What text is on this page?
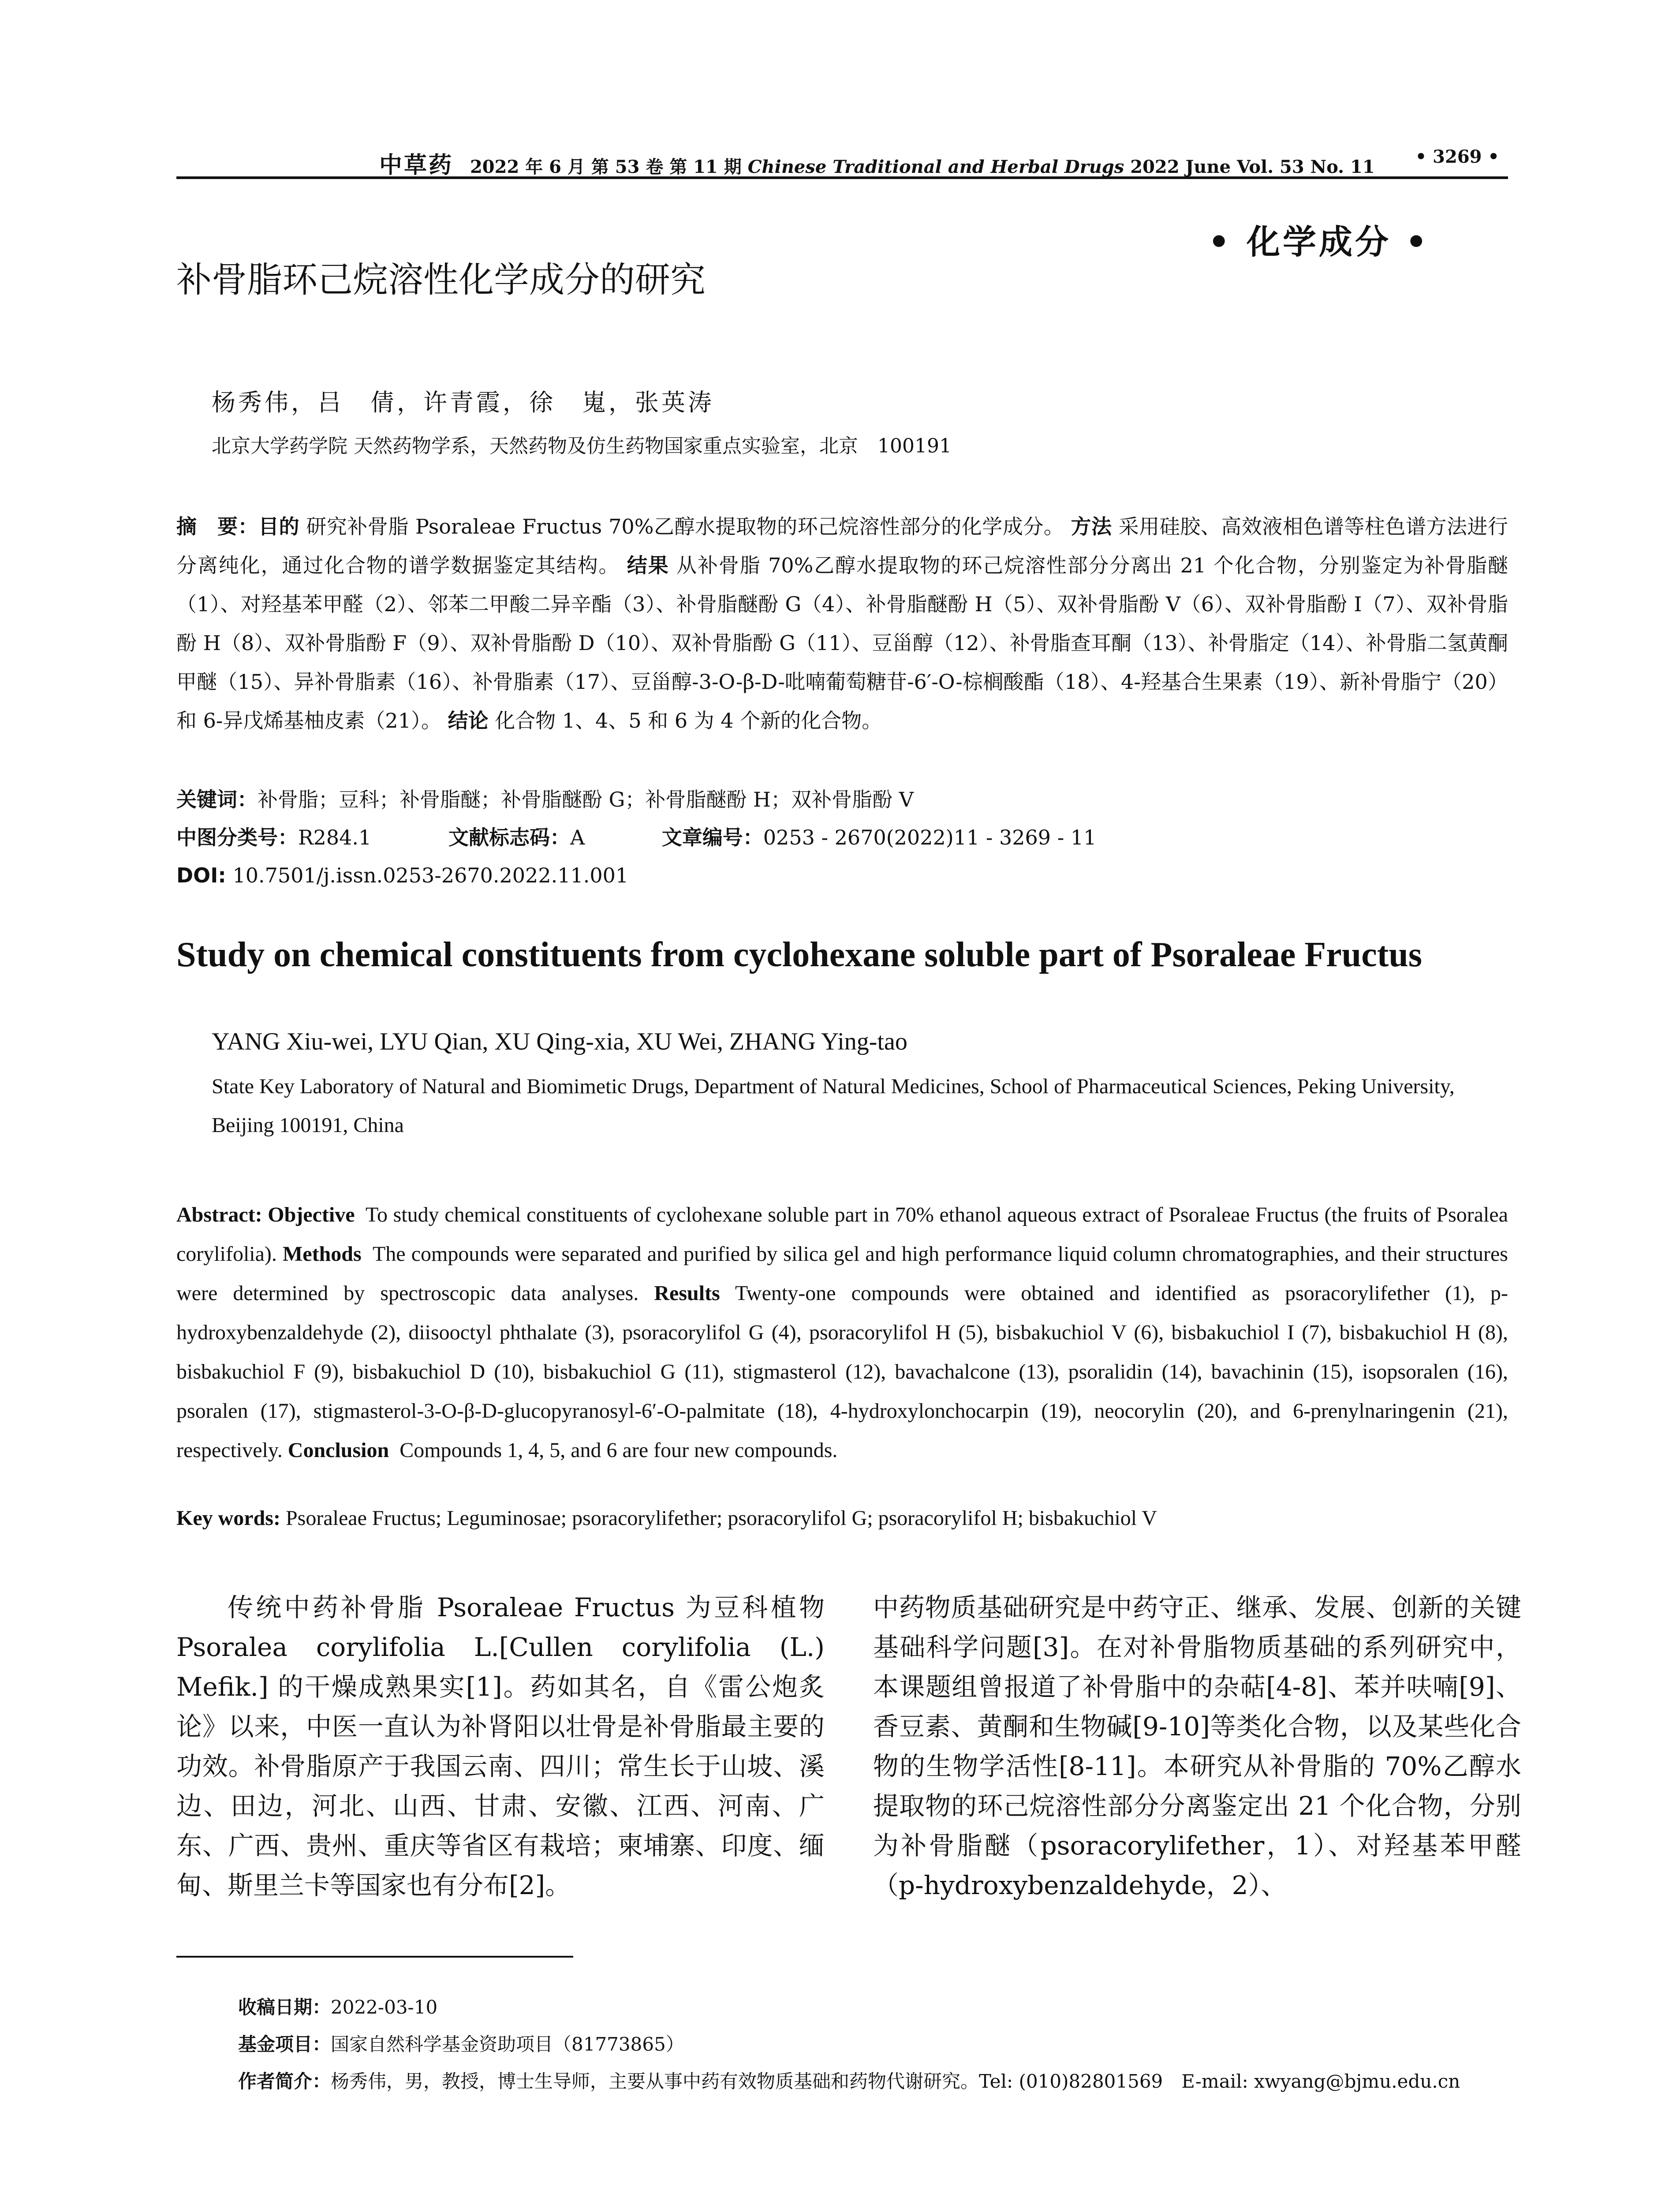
中草药 2022 年 6 月 第 53 卷 第 11 期 Chinese Traditional and Herbal Drugs 2022 June Vol. 53 No. 11 • 3269 •
• 化学成分 •
补骨脂环己烷溶性化学成分的研究
杨秀伟，吕　倩，许青霞，徐　嵬，张英涛
北京大学药学院 天然药物学系，天然药物及仿生药物国家重点实验室，北京　100191
摘　要：目的 研究补骨脂 Psoraleae Fructus 70%乙醇水提取物的环己烷溶性部分的化学成分。 方法 采用硅胶、高效液相色谱等柱色谱方法进行分离纯化，通过化合物的谱学数据鉴定其结构。 结果 从补骨脂 70%乙醇水提取物的环己烷溶性部分分离出 21 个化合物，分别鉴定为补骨脂醚（1）、对羟基苯甲醛（2）、邻苯二甲酸二异辛酯（3）、补骨脂醚酚 G（4）、补骨脂醚酚 H（5）、双补骨脂酚 V（6）、双补骨脂酚 I（7）、双补骨脂酚 H（8）、双补骨脂酚 F（9）、双补骨脂酚 D（10）、双补骨脂酚 G（11）、豆甾醇（12）、补骨脂查耳酮（13）、补骨脂定（14）、补骨脂二氢黄酮甲醚（15）、异补骨脂素（16）、补骨脂素（17）、豆甾醇-3-O-β-D-吡喃葡萄糖苷-6′-O-棕榈酸酯（18）、4-羟基合生果素（19）、新补骨脂宁（20）和 6-异戊烯基柚皮素（21）。 结论 化合物 1、4、5 和 6 为 4 个新的化合物。
关键词：补骨脂；豆科；补骨脂醚；补骨脂醚酚 G；补骨脂醚酚 H；双补骨脂酚 V
中图分类号：R284.1	文献标志码：A	文章编号：0253 - 2670(2022)11 - 3269 - 11
DOI: 10.7501/j.issn.0253-2670.2022.11.001
Study on chemical constituents from cyclohexane soluble part of Psoraleae Fructus
YANG Xiu-wei, LYU Qian, XU Qing-xia, XU Wei, ZHANG Ying-tao
State Key Laboratory of Natural and Biomimetic Drugs, Department of Natural Medicines, School of Pharmaceutical Sciences, Peking University, Beijing 100191, China
Abstract: Objective To study chemical constituents of cyclohexane soluble part in 70% ethanol aqueous extract of Psoraleae Fructus (the fruits of Psoralea corylifolia). Methods The compounds were separated and purified by silica gel and high performance liquid column chromatographies, and their structures were determined by spectroscopic data analyses. Results Twenty-one compounds were obtained and identified as psoracorylifether (1), p-hydroxybenzaldehyde (2), diisooctyl phthalate (3), psoracorylifol G (4), psoracorylifol H (5), bisbakuchiol V (6), bisbakuchiol I (7), bisbakuchiol H (8), bisbakuchiol F (9), bisbakuchiol D (10), bisbakuchiol G (11), stigmasterol (12), bavachalcone (13), psoralidin (14), bavachinin (15), isopsoralen (16), psoralen (17), stigmasterol-3-O-β-D-glucopyranosyl-6′-O-palmitate (18), 4-hydroxylonchocarpin (19), neocorylin (20), and 6-prenylnaringenin (21), respectively. Conclusion Compounds 1, 4, 5, and 6 are four new compounds.
Key words: Psoraleae Fructus; Leguminosae; psoracorylifether; psoracorylifol G; psoracorylifol H; bisbakuchiol V

传统中药补骨脂 Psoraleae Fructus 为豆科植物 Psoralea corylifolia L.[Cullen corylifolia (L.) Mefik.] 的干燥成熟果实[1]。药如其名，自《雷公炮炙论》以来，中医一直认为补肾阳以壮骨是补骨脂最主要的功效。补骨脂原产于我国云南、四川；常生长于山坡、溪边、田边，河北、山西、甘肃、安徽、江西、河南、广东、广西、贵州、重庆等省区有栽培；柬埔寨、印度、缅甸、斯里兰卡等国家也有分布[2]。

中药物质基础研究是中药守正、继承、发展、创新的关键基础科学问题[3]。在对补骨脂物质基础的系列研究中，本课题组曾报道了补骨脂中的杂萜[4-8]、苯并呋喃[9]、香豆素、黄酮和生物碱[9-10]等类化合物，以及某些化合物的生物学活性[8-11]。本研究从补骨脂的 70%乙醇水提取物的环己烷溶性部分分离鉴定出 21 个化合物，分别为补骨脂醚（psoracorylifether，1）、对羟基苯甲醛（p-hydroxybenzaldehyde，2）、

收稿日期：2022-03-10
基金项目：国家自然科学基金资助项目（81773865）
作者简介：杨秀伟，男，教授，博士生导师，主要从事中药有效物质基础和药物代谢研究。Tel: (010)82801569　E-mail: xwyang@bjmu.edu.cn
